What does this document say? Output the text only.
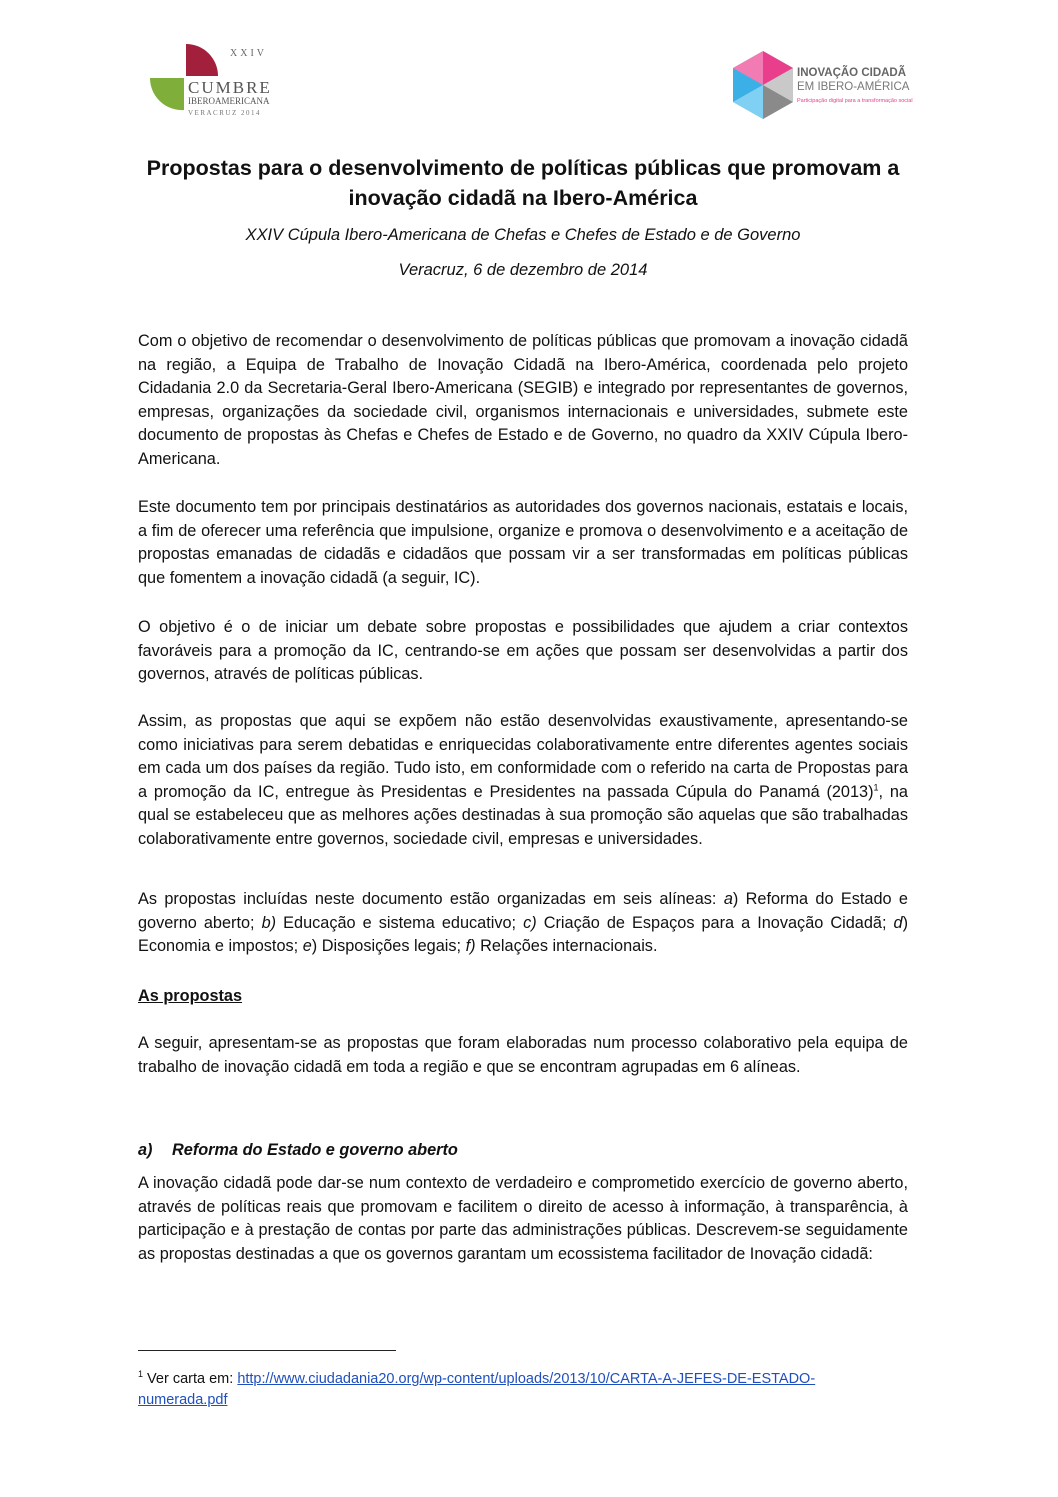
XXIV
CUMBRE
IBEROAMERICANA
VERACRUZ 2014
INOVAÇÃO CIDADÃ
EM IBERO-AMÉRICA
Participação digital para a transformação social
Propostas para o desenvolvimento de políticas públicas que promovam a
inovação cidadã na Ibero-América
XXIV Cúpula Ibero-Americana de Chefas e Chefes de Estado e de Governo
Veracruz, 6 de dezembro de 2014

Com o objetivo de recomendar o desenvolvimento de políticas públicas que promovam a inovação cidadã na região, a Equipa de Trabalho de Inovação Cidadã na Ibero-América, coordenada pelo projeto Cidadania 2.0 da Secretaria-Geral Ibero-Americana (SEGIB) e integrado por representantes de governos, empresas, organizações da sociedade civil, organismos internacionais e universidades, submete este documento de propostas às Chefas e Chefes de Estado e de Governo, no quadro da XXIV Cúpula Ibero-Americana.

Este documento tem por principais destinatários as autoridades dos governos nacionais, estatais e locais, a fim de oferecer uma referência que impulsione, organize e promova o desenvolvimento e a aceitação de propostas emanadas de cidadãs e cidadãos que possam vir a ser transformadas em políticas públicas que fomentem a inovação cidadã (a seguir, IC).

O objetivo é o de iniciar um debate sobre propostas e possibilidades que ajudem a criar contextos favoráveis para a promoção da IC, centrando-se em ações que possam ser desenvolvidas a partir dos governos, através de políticas públicas.

Assim, as propostas que aqui se expõem não estão desenvolvidas exaustivamente, apresentando-se como iniciativas para serem debatidas e enriquecidas colaborativamente entre diferentes agentes sociais em cada um dos países da região. Tudo isto, em conformidade com o referido na carta de Propostas para a promoção da IC, entregue às Presidentas e Presidentes na passada Cúpula do Panamá (2013)$^1$, na qual se estabeleceu que as melhores ações destinadas à sua promoção são aquelas que são trabalhadas colaborativamente entre governos, sociedade civil, empresas e universidades.

As propostas incluídas neste documento estão organizadas em seis alíneas: a) Reforma do Estado e governo aberto; b) Educação e sistema educativo; c) Criação de Espaços para a Inovação Cidadã; d) Economia e impostos; e) Disposições legais; f) Relações internacionais.

As propostas

A seguir, apresentam-se as propostas que foram elaboradas num processo colaborativo pela equipa de trabalho de inovação cidadã em toda a região e que se encontram agrupadas em 6 alíneas.

a) Reforma do Estado e governo aberto

A inovação cidadã pode dar-se num contexto de verdadeiro e comprometido exercício de governo aberto, através de políticas reais que promovam e facilitem o direito de acesso à informação, à transparência, à participação e à prestação de contas por parte das administrações públicas. Descrevem-se seguidamente as propostas destinadas a que os governos garantam um ecossistema facilitador de Inovação cidadã:

$^1$ Ver carta em: http://www.ciudadania20.org/wp-content/uploads/2013/10/CARTA-A-JEFES-DE-ESTADO-
numerada.pdf
